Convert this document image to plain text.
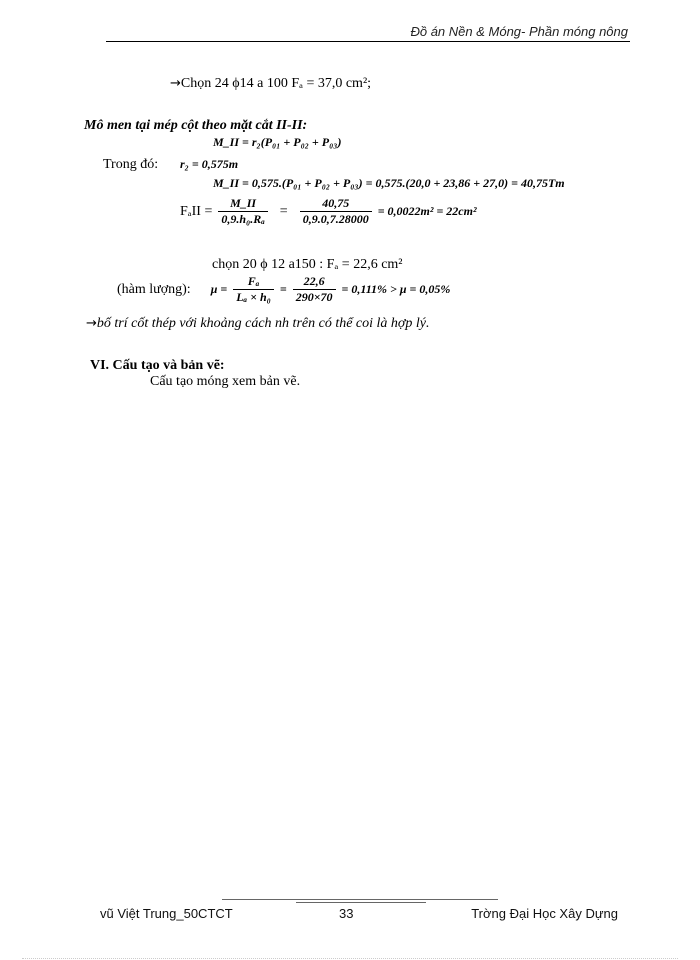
Đồ án Nền & Móng- Phần móng nông
→Chọn 24 ϕ14 a 100 Fₐ = 37,0 cm²;
Mô men tại mép cột theo mặt cắt II-II:
M_II = r₂(P₀₁ + P₀₂ + P₀₃)
Trong đó: r₂ = 0,575m
M_II = 0,575.(P₀₁ + P₀₂ + P₀₃) = 0,575.(20,0 + 23,86 + 27,0) = 40,75Tm
$F_aII = \frac{M\_II}{\text{0,9.h₀.Rₐ}} = \frac{40,75}{0,9.0,7.28000} = 0,0022m^2 = 22cm^2$
chọn 20 ϕ 12 a150 : Fₐ = 22,6 cm²
(hàm lượng): $\mu = \frac{\text{Fₐ}}{\text{Lₐ × h₀}} = \frac{22,6}{290\times 70} = 0,111\% > \mu = 0,05\%$
→bố trí cốt thép với khoảng cách nh trên có thể coi là hợp lý.
VI. Cấu tạo và bản vẽ:
Cấu tạo móng xem bản vẽ.
vũ Việt Trung_50CTCT	33	Trờng Đại Học Xây Dựng
